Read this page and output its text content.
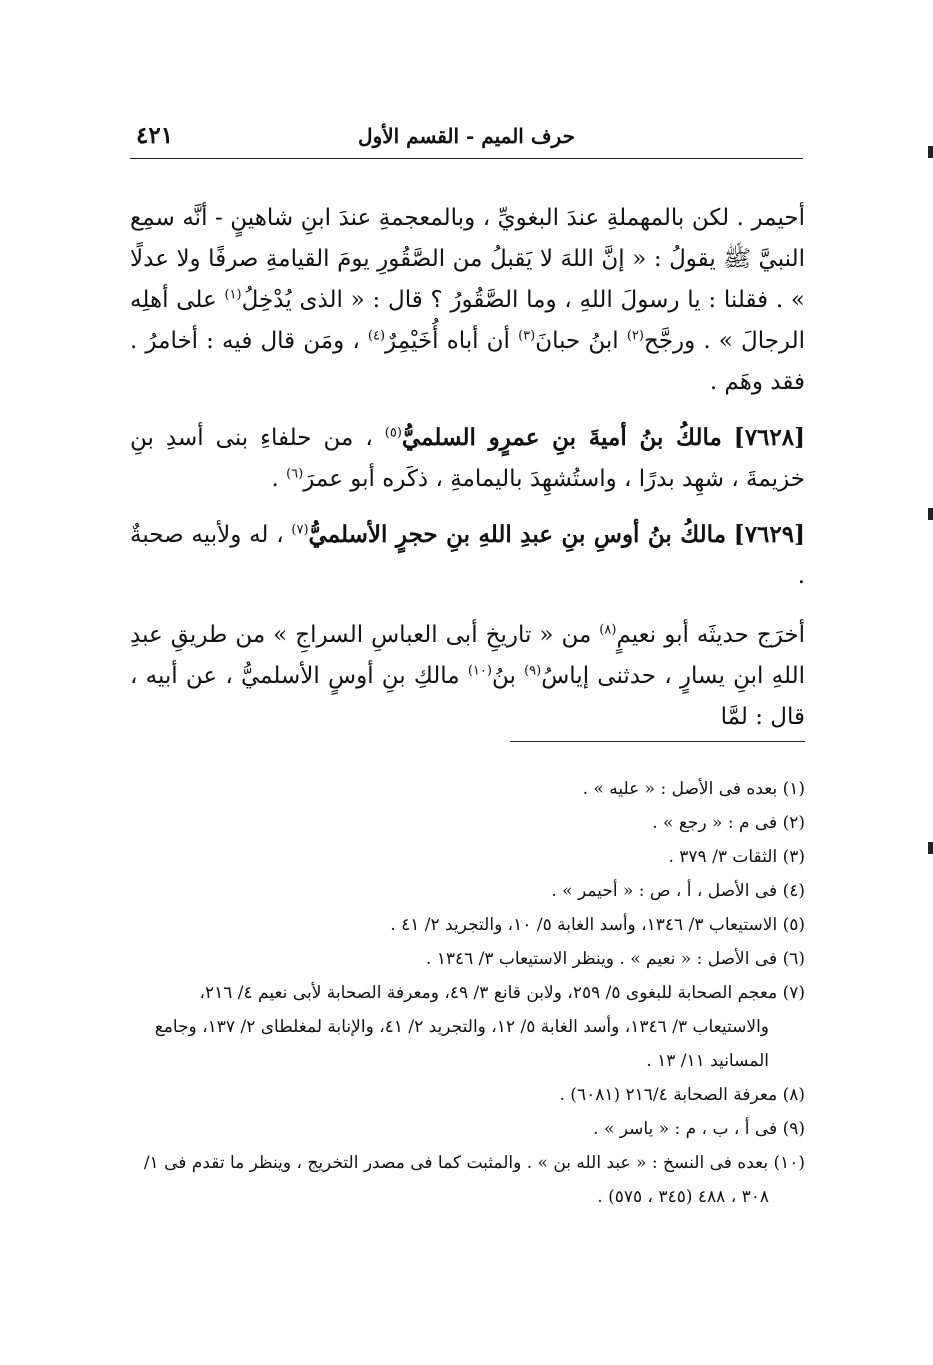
٤٢١	حرف الميم - القسم الأول

أحيمر . لكن بالمهملةِ عندَ البغويِّ ، وبالمعجمةِ عندَ ابنِ شاهينٍ - أنَّه سمِع النبيَّ ﷺ يقولُ : « إنَّ اللهَ لا يَقبلُ من الصَّقُورِ يومَ القيامةِ صرفًا ولا عدلًا » . فقلنا : يا رسولَ اللهِ ، وما الصَّقُورُ ؟ قال : « الذى يُدْخِلُ$^{(١)}$ على أهلِه الرجالَ » . ورجَّح$^{(٢)}$ ابنُ حبانَ$^{(٣)}$ أن أباه أُخَيْمِرٌ$^{(٤)}$ ، ومَن قال فيه : أخامرُ . فقد وهَم .

[٧٦٢٨] مالكُ بنُ أميةَ بنِ عمرٍو السلميُّ$^{(٥)}$ ، من حلفاءِ بنى أسدِ بنِ خزيمةَ ، شهِد بدرًا ، واستُشهِدَ باليمامةِ ، ذكَره أبو عمرَ$^{(٦)}$ .

[٧٦٢٩] مالكُ بنُ أوسِ بنِ عبدِ اللهِ بنِ حجرٍ الأسلميُّ$^{(٧)}$ ، له ولأبيه صحبةٌ .

أخرَج حديثَه أبو نعيمٍ$^{(٨)}$ من « تاريخِ أبى العباسِ السراجِ » من طريقِ عبدِ اللهِ ابنِ يسارٍ ، حدثنى إياسُ$^{(٩)}$ بنُ$^{(١٠)}$ مالكِ بنِ أوسٍ الأسلميُّ ، عن أبيه ، قال : لمَّا

(١) بعده فى الأصل : « عليه » .
(٢) فى م : « رجع » .
(٣) الثقات ٣/ ٣٧٩ .
(٤) فى الأصل ، أ ، ص : « أحيمر » .
(٥) الاستيعاب ٣/ ١٣٤٦، وأسد الغابة ٥/ ١٠، والتجريد ٢/ ٤١ .
(٦) فى الأصل : « نعيم » . وينظر الاستيعاب ٣/ ١٣٤٦ .
(٧) معجم الصحابة للبغوى ٥/ ٢٥٩، ولابن قانع ٣/ ٤٩، ومعرفة الصحابة لأبى نعيم ٤/ ٢١٦، والاستيعاب ٣/ ١٣٤٦، وأسد الغابة ٥/ ١٢، والتجريد ٢/ ٤١، والإنابة لمغلطاى ٢/ ١٣٧، وجامع المسانيد ١١/ ١٣ .
(٨) معرفة الصحابة ٢١٦/٤ (٦٠٨١) .
(٩) فى أ ، ب ، م : « ياسر » .
(١٠) بعده فى النسخ : « عبد الله بن » . والمثبت كما فى مصدر التخريج ، وينظر ما تقدم فى ١/ ٣٠٨ ، ٤٨٨ (٣٤٥ ، ٥٧٥) .
